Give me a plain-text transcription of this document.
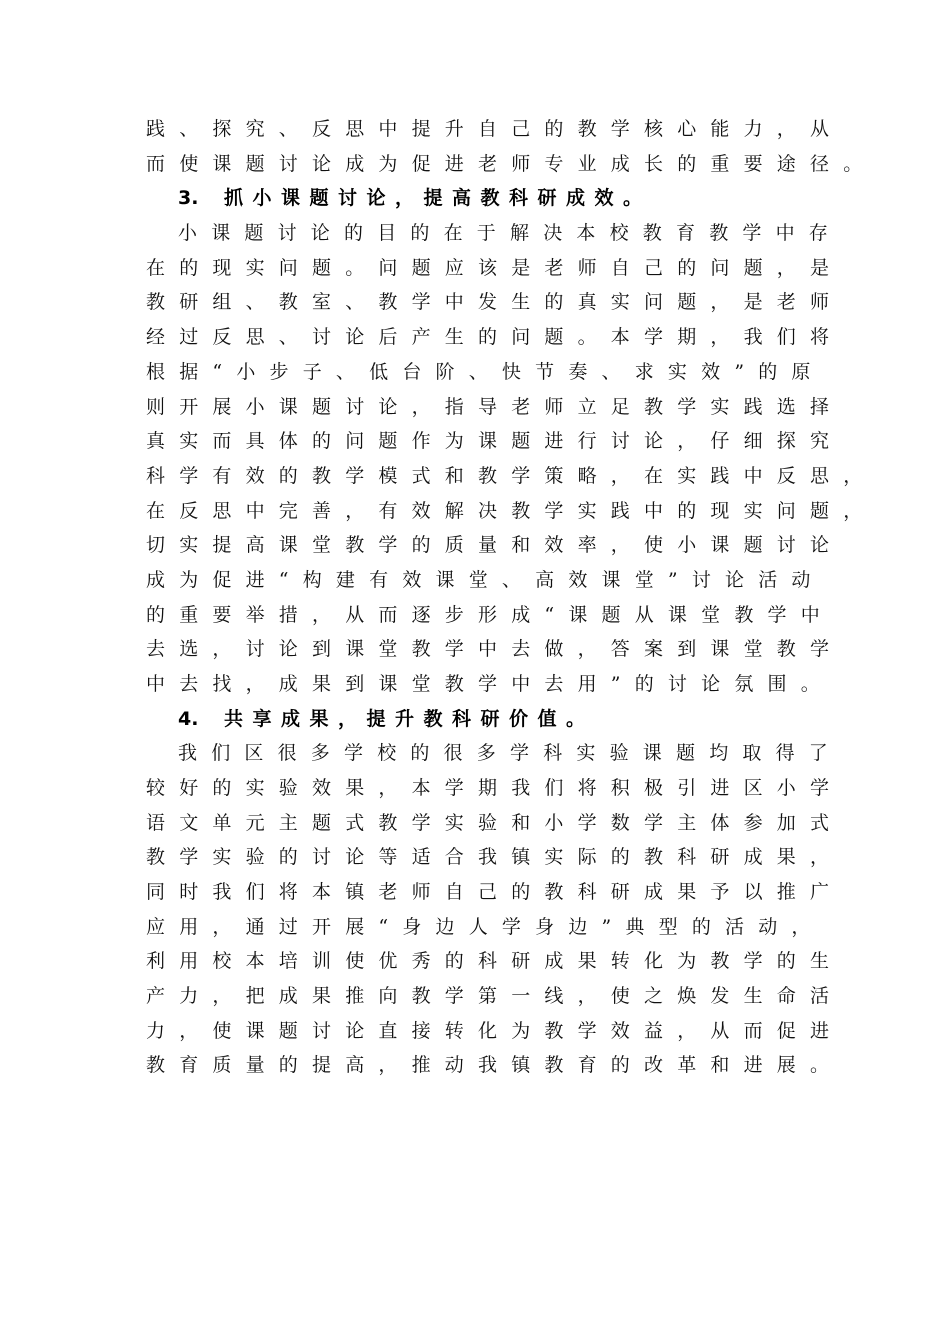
践、探究、反思中提升自己的教学核心能力，从
而使课题讨论成为促进老师专业成长的重要途径。
3. 抓小课题讨论，提高教科研成效。
小课题讨论的目的在于解决本校教育教学中存
在的现实问题。问题应该是老师自己的问题，是
教研组、教室、教学中发生的真实问题，是老师
经过反思、讨论后产生的问题。本学期，我们将
根据“小步子、低台阶、快节奏、求实效”的原
则开展小课题讨论，指导老师立足教学实践选择
真实而具体的问题作为课题进行讨论，仔细探究
科学有效的教学模式和教学策略，在实践中反思，
在反思中完善，有效解决教学实践中的现实问题，
切实提高课堂教学的质量和效率，使小课题讨论
成为促进“构建有效课堂、高效课堂”讨论活动
的重要举措，从而逐步形成“课题从课堂教学中
去选，讨论到课堂教学中去做，答案到课堂教学
中去找，成果到课堂教学中去用”的讨论氛围。
4. 共享成果，提升教科研价值。
我们区很多学校的很多学科实验课题均取得了
较好的实验效果，本学期我们将积极引进区小学
语文单元主题式教学实验和小学数学主体参加式
教学实验的讨论等适合我镇实际的教科研成果，
同时我们将本镇老师自己的教科研成果予以推广
应用，通过开展“身边人学身边”典型的活动，
利用校本培训使优秀的科研成果转化为教学的生
产力，把成果推向教学第一线，使之焕发生命活
力，使课题讨论直接转化为教学效益，从而促进
教育质量的提高，推动我镇教育的改革和进展。
